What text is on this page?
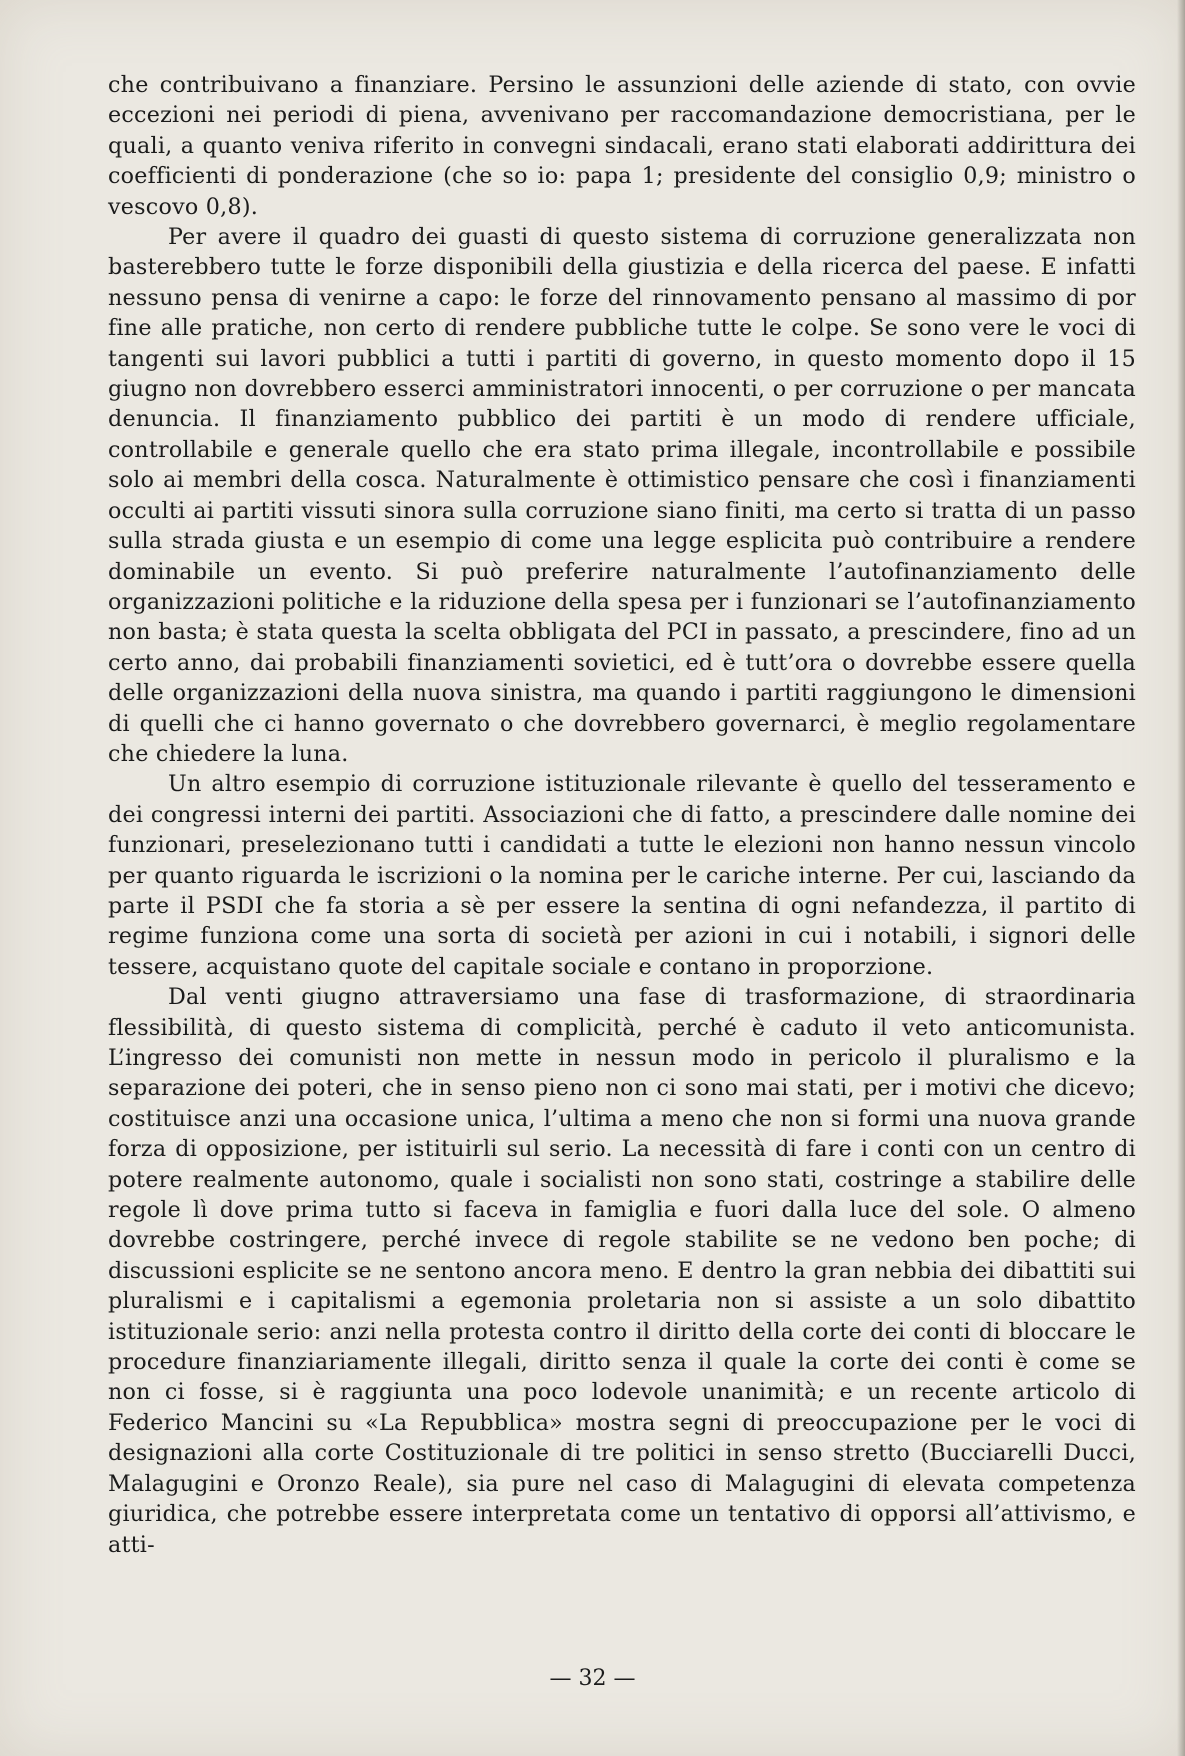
che contribuivano a finanziare. Persino le assunzioni delle aziende di stato, con ovvie eccezioni nei periodi di piena, avvenivano per raccomandazione democristiana, per le quali, a quanto veniva riferito in convegni sindacali, erano stati elaborati addirittura dei coefficienti di ponderazione (che so io: papa 1; presidente del consiglio 0,9; ministro o vescovo 0,8).

Per avere il quadro dei guasti di questo sistema di corruzione generalizzata non basterebbero tutte le forze disponibili della giustizia e della ricerca del paese. E infatti nessuno pensa di venirne a capo: le forze del rinnovamento pensano al massimo di por fine alle pratiche, non certo di rendere pubbliche tutte le colpe. Se sono vere le voci di tangenti sui lavori pubblici a tutti i partiti di governo, in questo momento dopo il 15 giugno non dovrebbero esserci amministratori innocenti, o per corruzione o per mancata denuncia. Il finanziamento pubblico dei partiti è un modo di rendere ufficiale, controllabile e generale quello che era stato prima illegale, incontrollabile e possibile solo ai membri della cosca. Naturalmente è ottimistico pensare che così i finanziamenti occulti ai partiti vissuti sinora sulla corruzione siano finiti, ma certo si tratta di un passo sulla strada giusta e un esempio di come una legge esplicita può contribuire a rendere dominabile un evento. Si può preferire naturalmente l’autofinanziamento delle organizzazioni politiche e la riduzione della spesa per i funzionari se l’autofinanziamento non basta; è stata questa la scelta obbligata del PCI in passato, a prescindere, fino ad un certo anno, dai probabili finanziamenti sovietici, ed è tutt’ora o dovrebbe essere quella delle organizzazioni della nuova sinistra, ma quando i partiti raggiungono le dimensioni di quelli che ci hanno governato o che dovrebbero governarci, è meglio regolamentare che chiedere la luna.

Un altro esempio di corruzione istituzionale rilevante è quello del tesseramento e dei congressi interni dei partiti. Associazioni che di fatto, a prescindere dalle nomine dei funzionari, preselezionano tutti i candidati a tutte le elezioni non hanno nessun vincolo per quanto riguarda le iscrizioni o la nomina per le cariche interne. Per cui, lasciando da parte il PSDI che fa storia a sè per essere la sentina di ogni nefandezza, il partito di regime funziona come una sorta di società per azioni in cui i notabili, i signori delle tessere, acquistano quote del capitale sociale e contano in proporzione.

Dal venti giugno attraversiamo una fase di trasformazione, di straordinaria flessibilità, di questo sistema di complicità, perché è caduto il veto anticomunista. L’ingresso dei comunisti non mette in nessun modo in pericolo il pluralismo e la separazione dei poteri, che in senso pieno non ci sono mai stati, per i motivi che dicevo; costituisce anzi una occasione unica, l’ultima a meno che non si formi una nuova grande forza di opposizione, per istituirli sul serio. La necessità di fare i conti con un centro di potere realmente autonomo, quale i socialisti non sono stati, costringe a stabilire delle regole lì dove prima tutto si faceva in famiglia e fuori dalla luce del sole. O almeno dovrebbe costringere, perché invece di regole stabilite se ne vedono ben poche; di discussioni esplicite se ne sentono ancora meno. E dentro la gran nebbia dei dibattiti sui pluralismi e i capitalismi a egemonia proletaria non si assiste a un solo dibattito istituzionale serio: anzi nella protesta contro il diritto della corte dei conti di bloccare le procedure finanziariamente illegali, diritto senza il quale la corte dei conti è come se non ci fosse, si è raggiunta una poco lodevole unanimità; e un recente articolo di Federico Mancini su «La Repubblica» mostra segni di preoccupazione per le voci di designazioni alla corte Costituzionale di tre politici in senso stretto (Bucciarelli Ducci, Malagugini e Oronzo Reale), sia pure nel caso di Malagugini di elevata competenza giuridica, che potrebbe essere interpretata come un tentativo di opporsi all’attivismo, e atti-

— 32 —
